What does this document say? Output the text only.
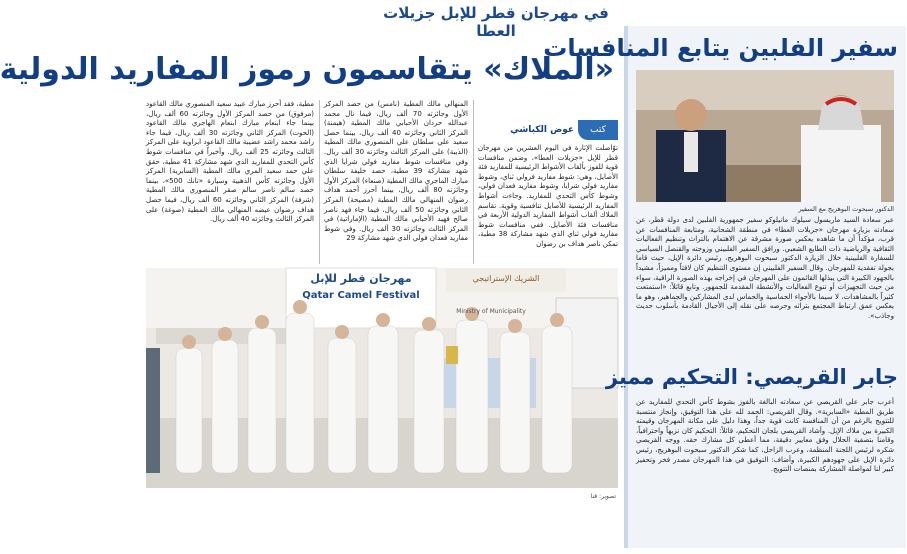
في مهرجان قطر للإبل جزيلات العطا
«الملاك» يتقاسمون رموز المفاريد الدولية
كتب
عوض الكباشي
توّاصلت الإثارة في اليوم العشرين من مهرجان قطر للإبل «جزيلات العطا»، وضمن منافسات قوية للفوز بألقاب الأشواط الرئيسية للمفاريد فئة الأصايل، وهي: شوط مفاريد فرولي ثناي، وشوط مفاريد فولي شرايا، وشوط مفاريد فعدان فولي، وشوط كأس التحدي للمفاريد. وجاءت أشواط المفاريد الرئيسية للأصايل تنافسية وقوية. تقاسم الملاك ألقاب أشواط المفاريد الدولية الأربعة في منافسات فئة الأصايل. ففي منافسات شوط مفاريد فولي ثناي الذي شهد مشاركة 38 مطية، تمكن ناصر هداف بن رضوان
المنهالي مالك المطية (نامس) من حصد المركز الأول وجائزته 70 ألف ريال، فيما نال محمد عبدالله حردان الأحبابي مالك المطية (هيمنة) المركز الثاني وجائزته 40 ألف ريال، بينما حصل سعيد علي سلطان علي المنصوري مالك المطية (الذيبة) على المركز الثالث وجائزته 30 ألف ريال. وفي منافسات شوط مفاريد فولي شرايا الذي شهد مشاركة 39 مطية، حصد خليفة سلطان مبارك الماجري مالك المطية (صنعاء) المركز الأول وجائزته 80 ألف ريال، بينما أحرز أحمد هداف رضوان المنهالي مالك المطية (مصيحة) المركز الثاني وجائزته 50 ألف ريال، فيما جاء فهد ناصر صالح فهيد الأحبابي مالك المطية (الإماراتية) في المركز الثالث وجائزته 30 ألف ريال. وفي شوط مفاريد فعدان فولي الذي شهد مشاركة 29
مطية، فقد أحرز مبارك عبيد سعيد المنصوري مالك القاعود (مرفوق) من حصد المركز الأول وجائزته 60 ألف ريال، بينما جاء ابنعام مبارك ابنعام الهاجري مالك القاعود (الحوت) المركز الثاني وجائزته 30 ألف ريال، فيما جاء راشد محمد راشد عضيبة مالك القاعود ابراوية على المركز الثالث وجائزته 25 ألف ريال. وأخيراً في منافسات شوط كأس التحدي للمفاريد الذي شهد مشاركة 41 مطية، حقق علي حمد سعيد المري مالك المطية (السابرية) المركز الأول وجائزته كأس الذهبية وسيارة «تانك 500»، بينما حصد سالم ناصر سالم صقر المنصوري مالك المطية (شرفة) المركز الثاني وجائزته 60 ألف ريال، فيما حصل هداف رضوان عيضه المنهالي مالك المطية (صوغة) على المركز الثالث وجائزته 40 ألف ريال.
مهرجان قطر للإبل
Qatar Camel Festival
الشريك الإستراتيجي
Ministry of Municipality
تصوير: قنا
سفير الفلبين يتابع المنافسات
الدكتور سبحوت البوهريج مع السفير
عبر سعادة السيد ماريسول سيلوك مانيلوكو سفير جمهورية الفلبين لدى دولة قطر، عن سعادته بزيارة مهرجان «جزيلات العطا» في منطقة الشحانية، ومتابعة المنافسات عن قرب، مؤكداً أن ما شاهده يعكس صورة مشرقة عن الاهتمام بالتراث وتنظيم الفعاليات الثقافية والرياضية ذات الطابع الشعبي. ورافق السفير الفلبيني وزوجته والقنصل السياسي للسفارة الفلبينية خلال الزيارة الدكتور سبحوت البوهريج، رئيس دائرة الإيل، حيث قاما بجولة تفقدية للمهرجان. وقال السفير الفلبيني إن مستوى التنظيم كان لافتاً ومميزاً، مشيداً بالجهود الكبيرة التي يبذلها القائمون على المهرجان في إخراجه بهذه الصورة الراقية، سواء من حيث التجهيزات أو تنوع الفعاليات والأنشطة المقدمة للجمهور. وتابع قائلاً: «استمتعت كثيراً بالمشاهدات، لا سيما بالأجواء الحماسية والحماس لدى المشاركين والجماهير، وهو ما يعكس عمق ارتباط المجتمع بتراثه وحرصه على نقله إلى الأجيال القادمة بأسلوب حديث وجاذب».
جابر القريصي: التحكيم مميز
أعرب جابر علي القريصي عن سعادته البالغة بالفوز بشوط كأس التحدي للمفاريد عن طريق المطية «السابرية». وقال القريصي: الحمد لله على هذا التوفيق، وإنجاز منتسبة للتتويج بالرغم من أن المنافسة كانت قوية جداً، وهذا دليل على مكانة المهرجان وقيمته الكبيرة بين ملاك الإبل. وأشاد القريصي بلجان التحكيم، قائلاً: التحكيم كان نزيهاً واحترافياً، وقامنا بتصفية الحلال وفق معايير دقيقة، مما أعطى كل مشارك حقه. ووجه القريصي شكره لرئيس اللجنة المنظمة، وعرب الزاحل، كما شكر الدكتور سبحوت البوهريج، رئيس دائرة الإيل على جهودهم الكبيرة، وأضاف: التوفيق في هذا المهرجان مصدر فخر وتحفيز كبير لنا لمواصلة المشاركة بمنصات التتويج.
